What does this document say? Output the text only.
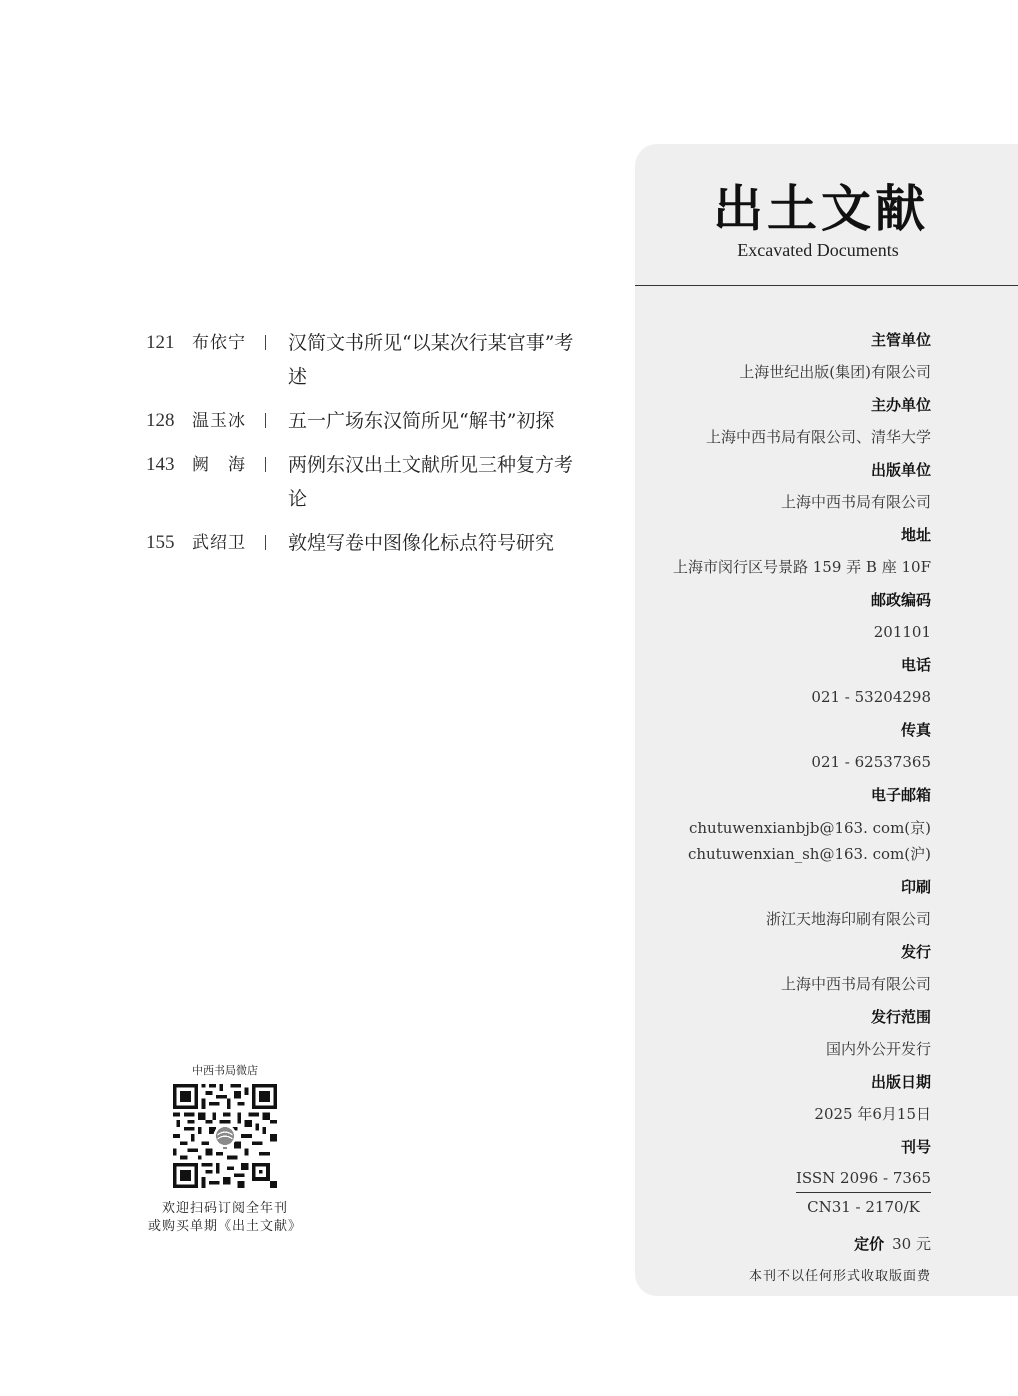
121	布依宁	汉简文书所见“以某次行某官事”考述
128	温玉冰	五一广场东汉简所见“解书”初探
143	阙　海	两例东汉出土文献所见三种复方考论
155	武绍卫	敦煌写卷中图像化标点符号研究
中西书局微店
欢迎扫码订阅全年刊
或购买单期《出土文献》
出土文献
Excavated Documents
主管单位
上海世纪出版(集团)有限公司
主办单位
上海中西书局有限公司、清华大学
出版单位
上海中西书局有限公司
地址
上海市闵行区号景路 159 弄 B 座 10F
邮政编码
201101
电话
021 - 53204298
传真
021 - 62537365
电子邮箱
chutuwenxianbjb@163. com(京)
chutuwenxian_sh@163. com(沪)
印刷
浙江天地海印刷有限公司
发行
上海中西书局有限公司
发行范围
国内外公开发行
出版日期
2025 年6月15日
刊号
ISSN 2096 - 7365
CN31 - 2170/K
定价 30 元
本刊不以任何形式收取版面费
